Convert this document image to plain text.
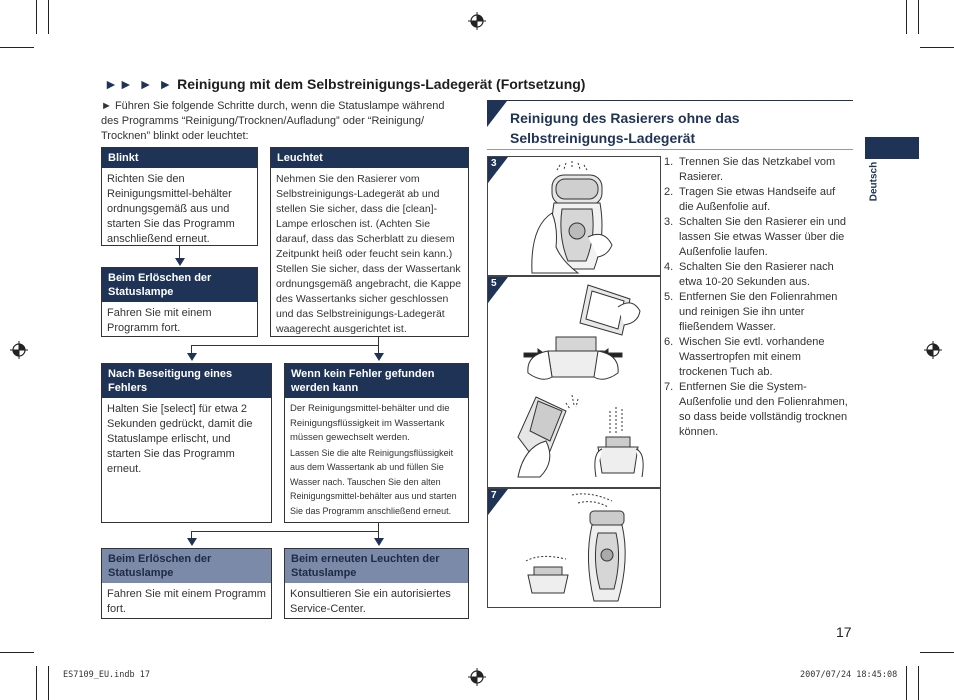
►► ► ► Reinigung mit dem Selbstreinigungs-Ladegerät (Fortsetzung)
► Führen Sie folgende Schritte durch, wenn die Statuslampe während des Programms “Reinigung/Trocknen/Aufladung” oder “Reinigung/ Trocknen” blinkt oder leuchtet:
Blinkt
Richten Sie den Reinigungsmittel-behälter ordnungsgemäß aus und starten Sie das Programm anschließend erneut.
Leuchtet
Nehmen Sie den Rasierer vom Selbstreinigungs-Ladegerät ab und stellen Sie sicher, dass die [clean]-Lampe erloschen ist. (Achten Sie darauf, dass das Scherblatt zu diesem Zeitpunkt heiß oder feucht sein kann.) Stellen Sie sicher, dass der Wassertank ordnungsgemäß angebracht, die Kappe des Wassertanks sicher geschlossen und das Selbstreinigungs-Ladegerät waagerecht ausgerichtet ist.
Beim Erlöschen der Statuslampe
Fahren Sie mit einem Programm fort.
Nach Beseitigung eines Fehlers
Halten Sie [select] für etwa 2 Sekunden gedrückt, damit die Statuslampe erlischt, und starten Sie das Programm erneut.
Wenn kein Fehler gefunden werden kann
Der Reinigungsmittel-behälter und die Reinigungsflüssigkeit im Wassertank müssen gewechselt werden.
Lassen Sie die alte Reinigungsflüssigkeit aus dem Wassertank ab und füllen Sie Wasser nach. Tauschen Sie den alten Reinigungsmittel-behälter aus und starten Sie das Programm anschließend erneut.
Beim Erlöschen der Statuslampe
Fahren Sie mit einem Programm fort.
Beim erneuten Leuchten der Statuslampe
Konsultieren Sie ein autorisiertes Service-Center.
Reinigung des Rasierers ohne das Selbstreinigungs-Ladegerät
3
5
7
1. Trennen Sie das Netzkabel vom Rasierer.
2. Tragen Sie etwas Handseife auf die Außenfolie auf.
3. Schalten Sie den Rasierer ein und lassen Sie etwas Wasser über die Außenfolie laufen.
4. Schalten Sie den Rasierer nach etwa 10-20 Sekunden aus.
5. Entfernen Sie den Folienrahmen und reinigen Sie ihn unter fließendem Wasser.
6. Wischen Sie evtl. vorhandene Wassertropfen mit einem trockenen Tuch ab.
7. Entfernen Sie die System-Außenfolie und den Folienrahmen, so dass beide vollständig trocknen können.
Deutsch
17
ES7109_EU.indb 17	2007/07/24 18:45:08
